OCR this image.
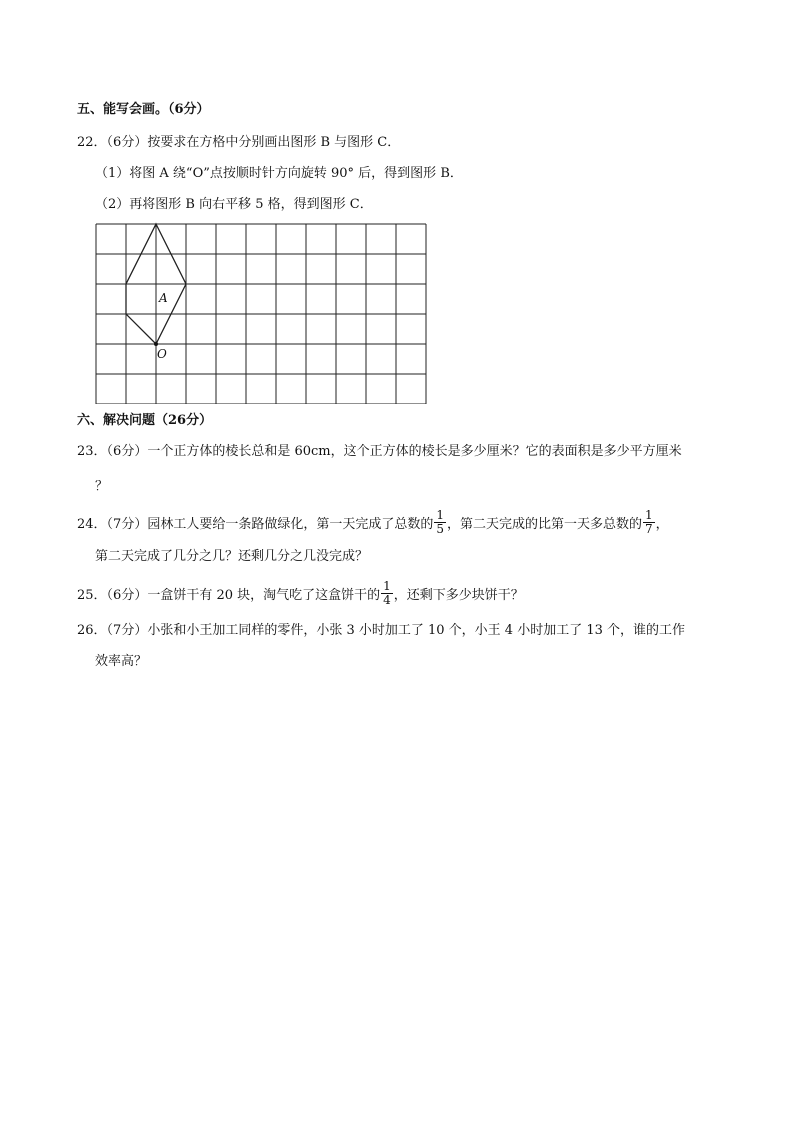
五、能写会画。（6分）
22．（6分）按要求在方格中分别画出图形 B 与图形 C．
（1）将图 A 绕“O”点按顺时针方向旋转 90° 后，得到图形 B．
（2）再将图形 B 向右平移 5 格，得到图形 C．
A
O
六、解决问题（26分）
23．（6分）一个正方体的棱长总和是 60cm，这个正方体的棱长是多少厘米？它的表面积是多少平方厘米
？
24．（7分）园林工人要给一条路做绿化，第一天完成了总数的 $\frac{1}{5}$ ，第二天完成的比第一天多总数的 $\frac{1}{7}$ ，
第二天完成了几分之几？还剩几分之几没完成？
25．（6分）一盒饼干有 20 块，淘气吃了这盒饼干的 $\frac{1}{4}$ ，还剩下多少块饼干？
26．（7分）小张和小王加工同样的零件，小张 3 小时加工了 10 个，小王 4 小时加工了 13 个，谁的工作
效率高？
